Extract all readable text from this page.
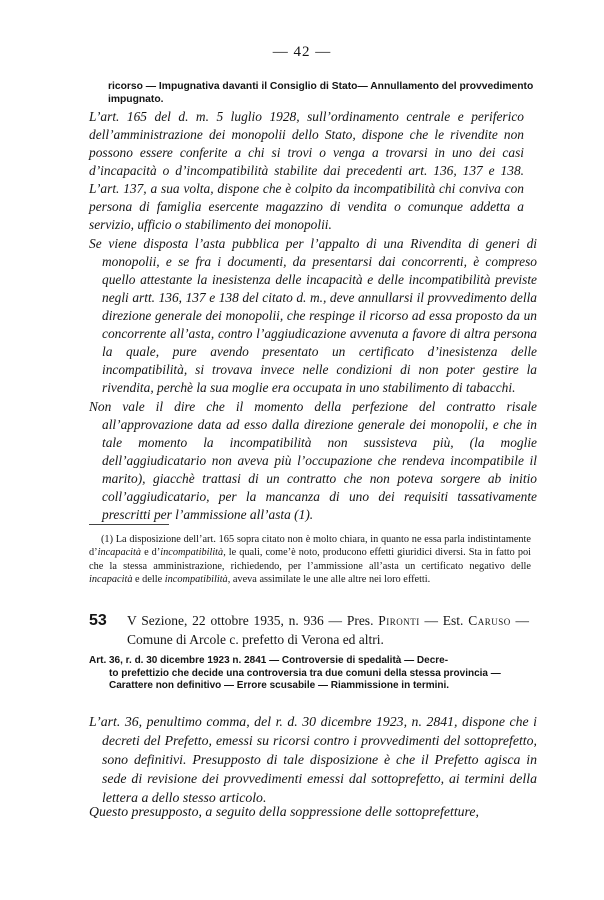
— 42 —

ricorso — Impugnativa davanti il Consiglio di Stato— Annullamento del provvedimento impugnato.

L’art. 165 del d. m. 5 luglio 1928, sull’ordinamento centrale e periferico dell’amministrazione dei monopolii dello Stato, dispone che le rivendite non possono essere conferite a chi si trovi o venga a trovarsi in uno dei casi d’incapacità o d’incompatibilità stabilite dai precedenti art. 136, 137 e 138. L’art. 137, a sua volta, dispone che è colpito da incompatibilità chi conviva con persona di famiglia esercente magazzino di vendita o comunque addetta a servizio, ufficio o stabilimento dei monopolii.

Se viene disposta l’asta pubblica per l’appalto di una Rivendita di generi di monopolii, e se fra i documenti, da presentarsi dai concorrenti, è compreso quello attestante la inesistenza delle incapacità e delle incompatibilità previste negli artt. 136, 137 e 138 del citato d. m., deve annullarsi il provvedimento della direzione generale dei monopolii, che respinge il ricorso ad essa proposto da un concorrente all’asta, contro l’aggiudicazione avvenuta a favore di altra persona la quale, pure avendo presentato un certificato d’inesistenza delle incompatibilità, si trovava invece nelle condizioni di non poter gestire la rivendita, perchè la sua moglie era occupata in uno stabilimento di tabacchi.

Non vale il dire che il momento della perfezione del contratto risale all’approvazione data ad esso dalla direzione generale dei monopolii, e che in tale momento la incompatibilità non sussisteva più, (la moglie dell’aggiudicatario non aveva più l’occupazione che rendeva incompatibile il marito), giacchè trattasi di un contratto che non poteva sorgere ab initio coll’aggiudicatario, per la mancanza di uno dei requisiti tassativamente prescritti per l’ammissione all’asta (1).

(1) La disposizione dell’art. 165 sopra citato non è molto chiara, in quanto ne essa parla indistintamente d’incapacità e d’incompatibilità, le quali, come’è noto, producono effetti giuridici diversi. Sta in fatto poi che la stessa amministrazione, richiedendo, per l’ammissione all’asta un certificato negativo delle incapacità e delle incompatibilità, aveva assimilate le une alle altre nei loro effetti.

53	V Sezione, 22 ottobre 1935, n. 936 — Pres. Pironti — Est. Caruso — Comune di Arcole c. prefetto di Verona ed altri.

Art. 36, r. d. 30 dicembre 1923 n. 2841 — Controversie di spedalità — Decre-
to prefettizio che decide una controversia tra due comuni della stessa provincia — Carattere non definitivo — Errore scusabile — Riammissione in termini.

L’art. 36, penultimo comma, del r. d. 30 dicembre 1923, n. 2841, dispone che i decreti del Prefetto, emessi su ricorsi contro i provvedimenti del sottoprefetto, sono definitivi. Presupposto di tale disposizione è che il Prefetto agisca in sede di revisione dei provvedimenti emessi dal sottoprefetto, ai termini della lettera a dello stesso articolo.

Questo presupposto, a seguito della soppressione delle sottoprefetture,
